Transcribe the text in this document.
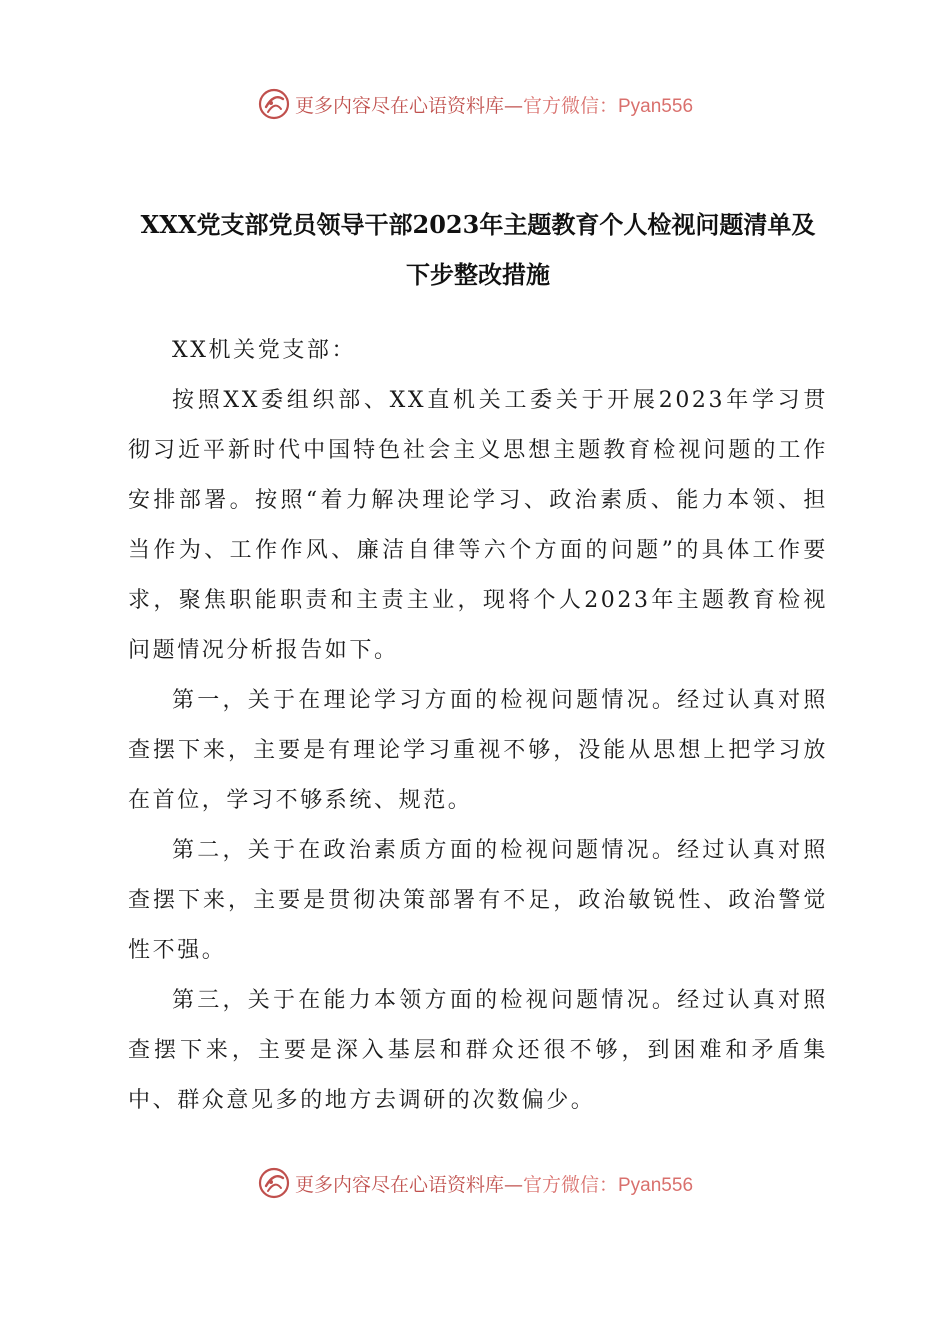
更多内容尽在心语资料库—官方微信：Pyan556
XXX党支部党员领导干部2023年主题教育个人检视问题清单及
下步整改措施

XX机关党支部：

按照XX委组织部、XX直机关工委关于开展2023年学习贯彻习近平新时代中国特色社会主义思想主题教育检视问题的工作安排部署。按照“着力解决理论学习、政治素质、能力本领、担当作为、工作作风、廉洁自律等六个方面的问题”的具体工作要求，聚焦职能职责和主责主业，现将个人2023年主题教育检视问题情况分析报告如下。

第一，关于在理论学习方面的检视问题情况。经过认真对照查摆下来，主要是有理论学习重视不够，没能从思想上把学习放在首位，学习不够系统、规范。

第二，关于在政治素质方面的检视问题情况。经过认真对照查摆下来，主要是贯彻决策部署有不足，政治敏锐性、政治警觉性不强。

第三，关于在能力本领方面的检视问题情况。经过认真对照查摆下来，主要是深入基层和群众还很不够，到困难和矛盾集中、群众意见多的地方去调研的次数偏少。

更多内容尽在心语资料库—官方微信：Pyan556
